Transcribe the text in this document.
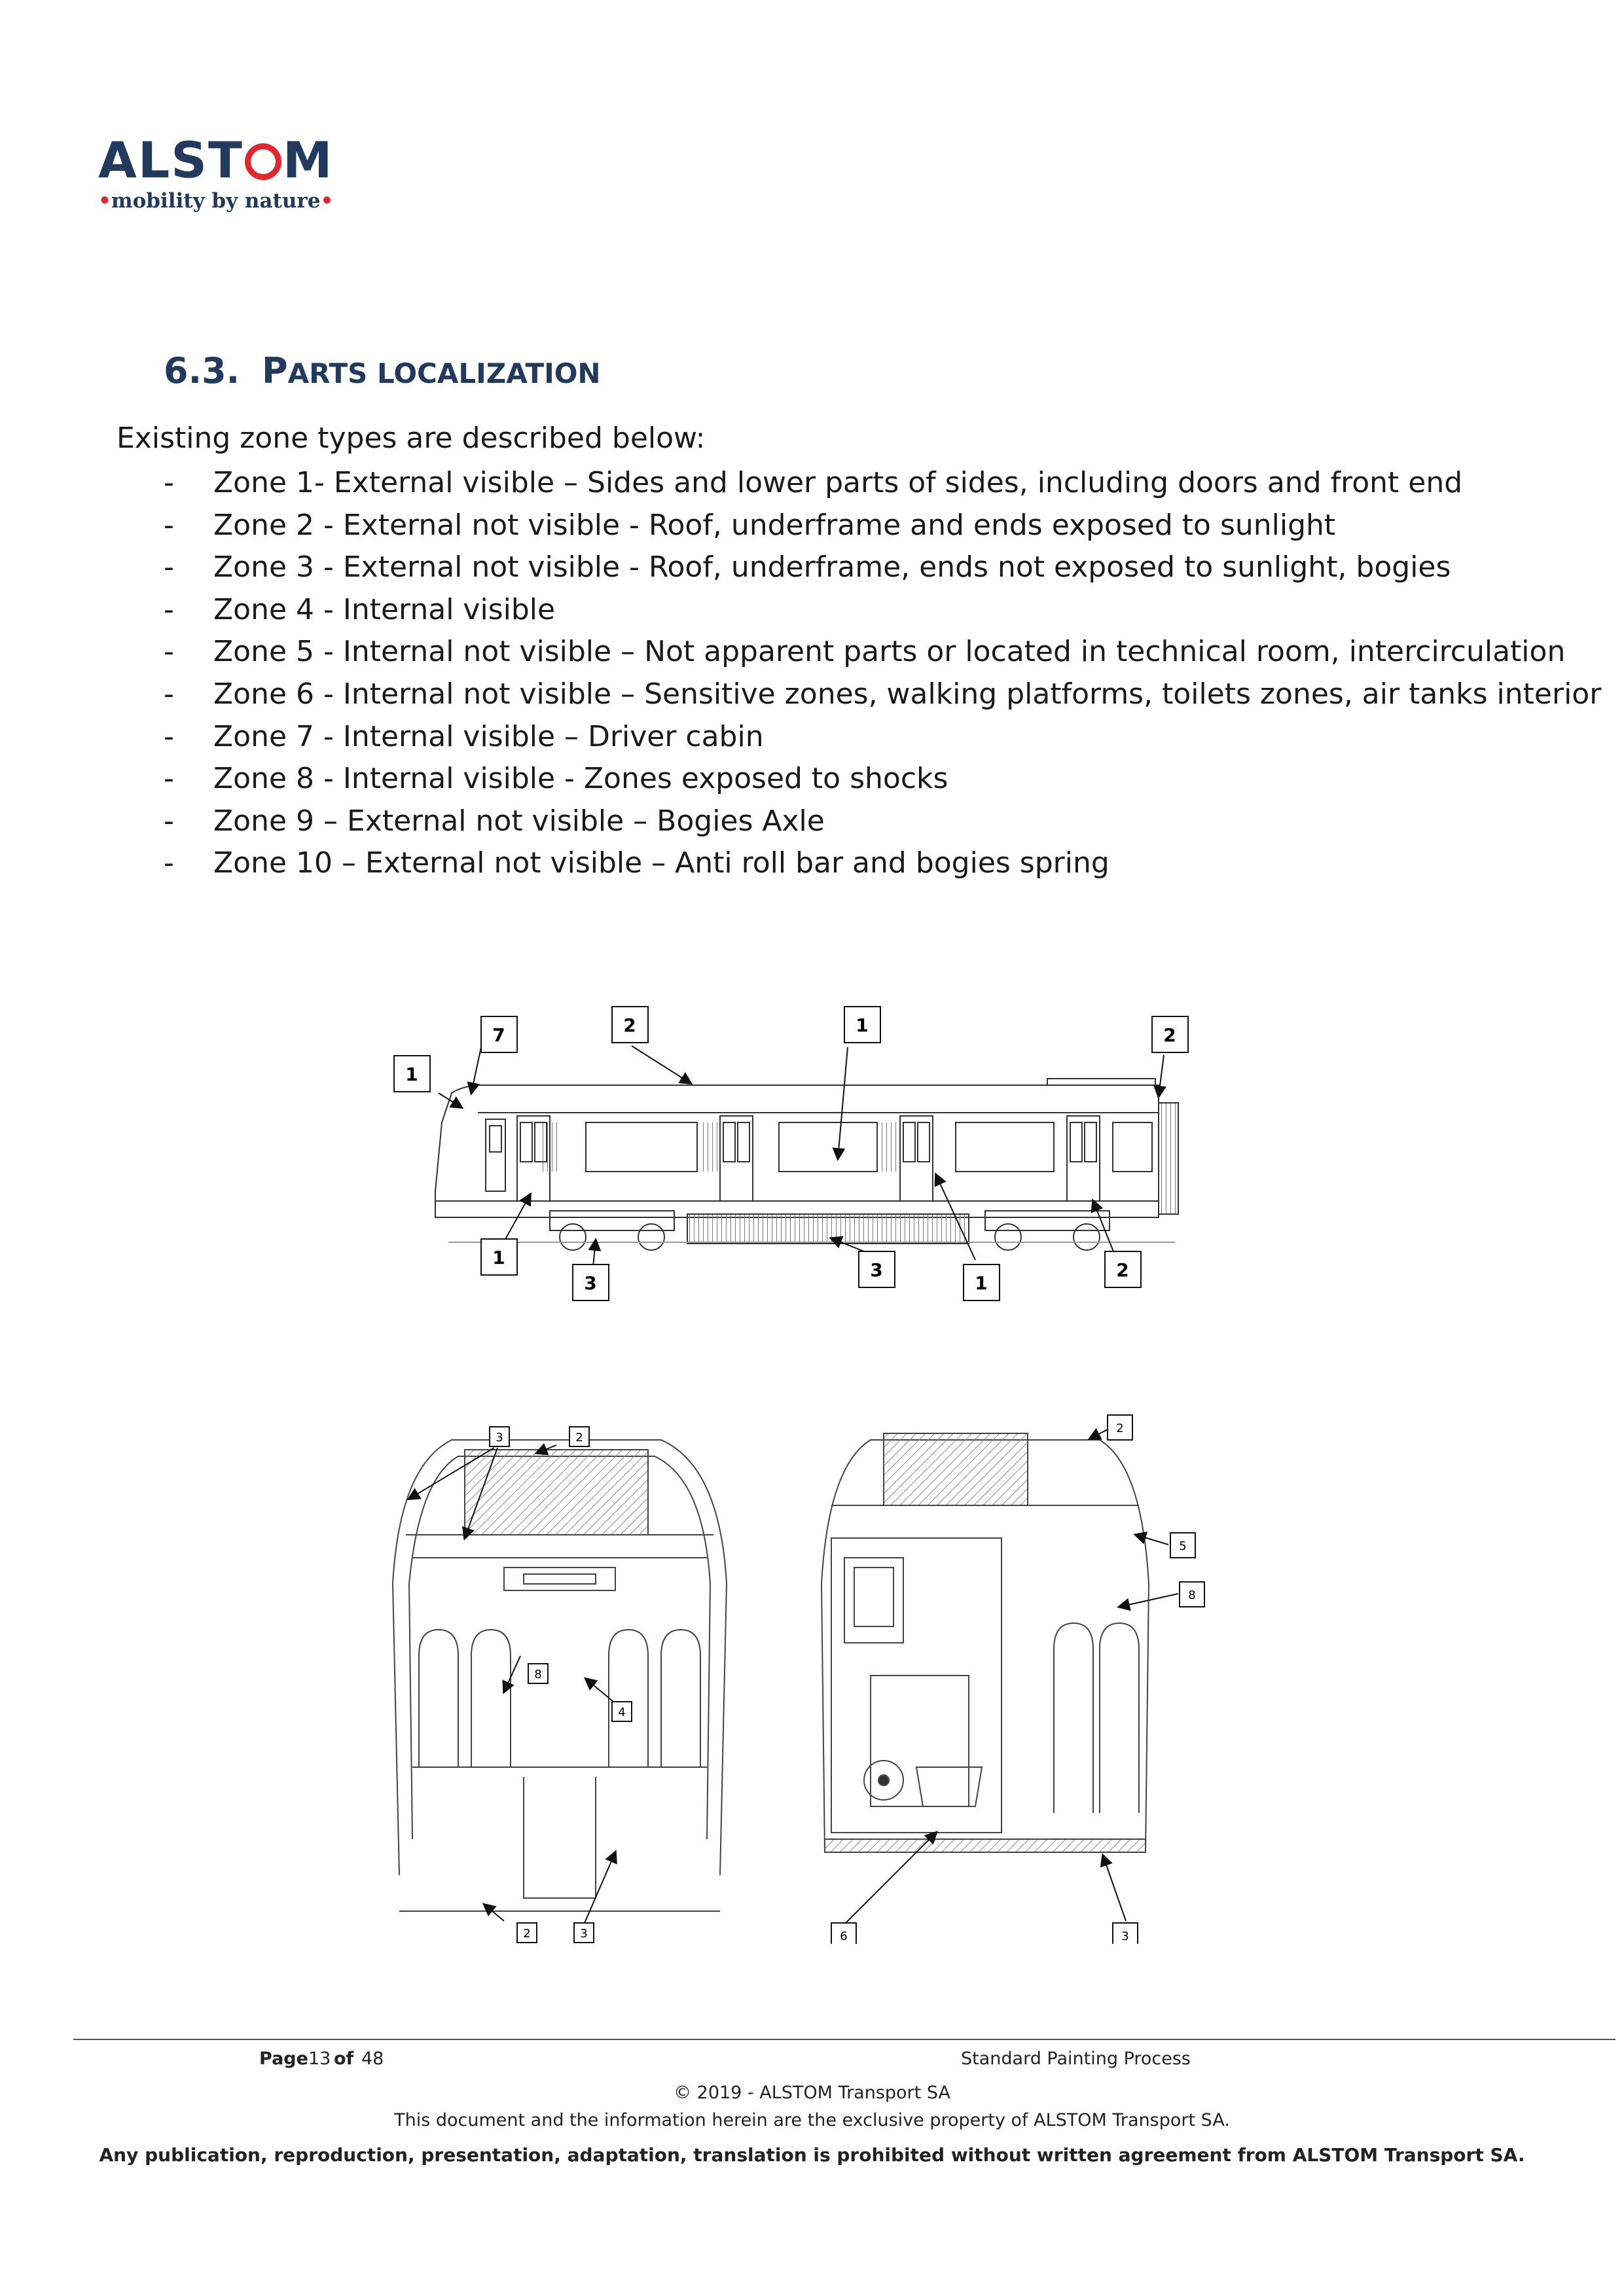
ALST M
•mobility by nature•
6.3. PARTS LOCALIZATION
Existing zone types are described below:
- Zone 1- External visible – Sides and lower parts of sides, including doors and front end
- Zone 2 - External not visible - Roof, underframe and ends exposed to sunlight
- Zone 3 - External not visible - Roof, underframe, ends not exposed to sunlight, bogies
- Zone 4 - Internal visible
- Zone 5 - Internal not visible – Not apparent parts or located in technical room, intercirculation
- Zone 6 - Internal not visible – Sensitive zones, walking platforms, toilets zones, air tanks interior
- Zone 7 - Internal visible – Driver cabin
- Zone 8 - Internal visible - Zones exposed to shocks
- Zone 9 – External not visible – Bogies Axle
- Zone 10 – External not visible – Anti roll bar and bogies spring
7	2	1	2
1
1
3
3
1
2
3	2
8
4
2	3
2
5
8
6	3
Page 13 of 48	Standard Painting Process
© 2019 - ALSTOM Transport SA
This document and the information herein are the exclusive property of ALSTOM Transport SA.
Any publication, reproduction, presentation, adaptation, translation is prohibited without written agreement from ALSTOM Transport SA.
